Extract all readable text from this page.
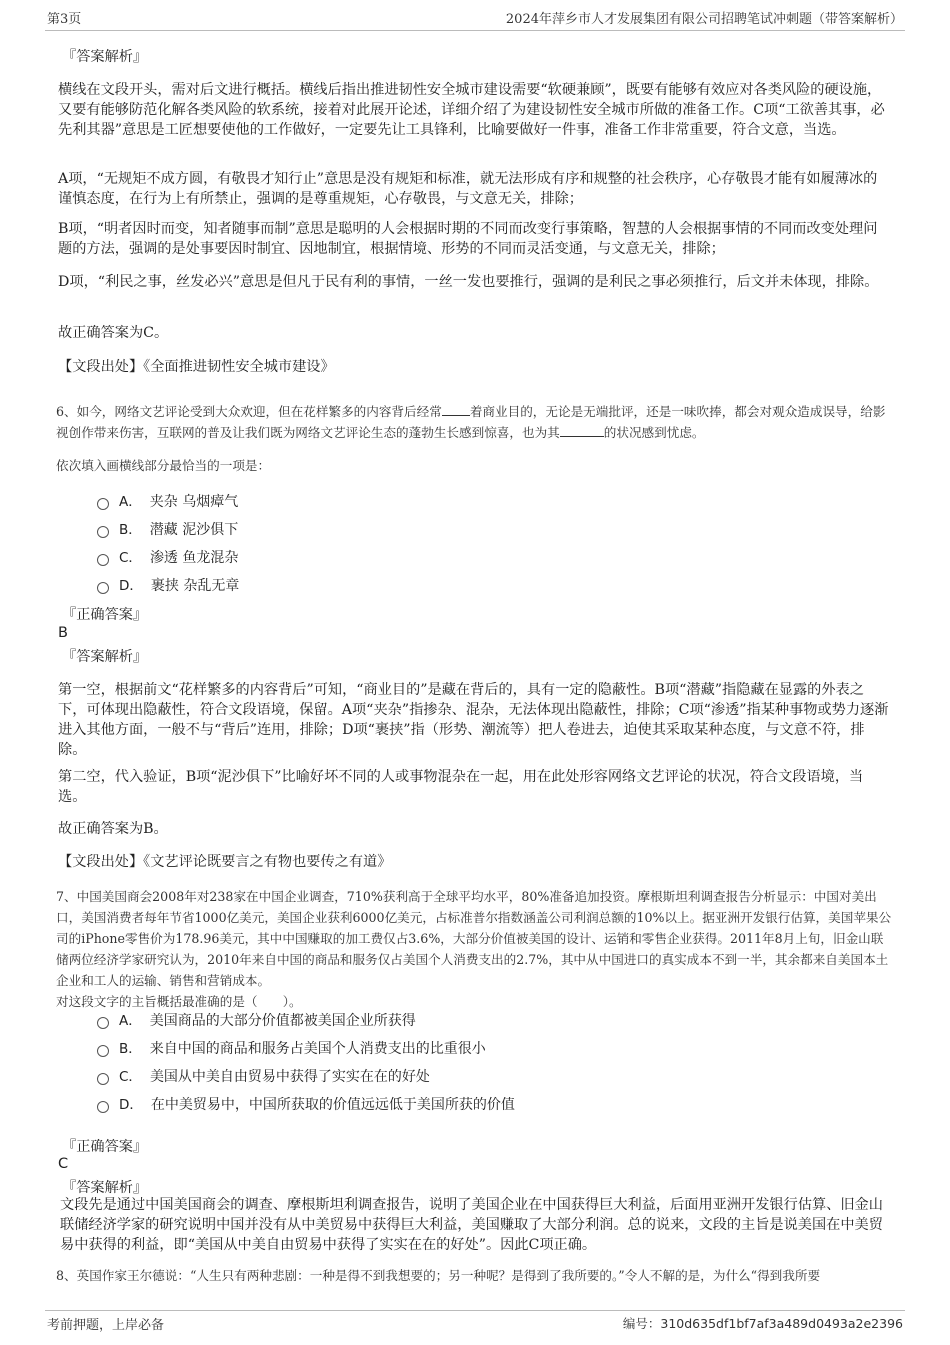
第3页	2024年萍乡市人才发展集团有限公司招聘笔试冲刺题（带答案解析）
『答案解析』
横线在文段开头，需对后文进行概括。横线后指出推进韧性安全城市建设需要“软硬兼顾”，既要有能够有效应对各类风险的硬设施，又要有能够防范化解各类风险的软系统，接着对此展开论述，详细介绍了为建设韧性安全城市所做的准备工作。C项“工欲善其事，必先利其器”意思是工匠想要使他的工作做好，一定要先让工具锋利，比喻要做好一件事，准备工作非常重要，符合文意，当选。
A项，“无规矩不成方圆，有敬畏才知行止”意思是没有规矩和标准，就无法形成有序和规整的社会秩序，心存敬畏才能有如履薄冰的谨慎态度，在行为上有所禁止，强调的是尊重规矩，心存敬畏，与文意无关，排除；
B项，“明者因时而变，知者随事而制”意思是聪明的人会根据时期的不同而改变行事策略，智慧的人会根据事情的不同而改变处理问题的方法，强调的是处事要因时制宜、因地制宜，根据情境、形势的不同而灵活变通，与文意无关，排除；
D项，“利民之事，丝发必兴”意思是但凡于民有利的事情，一丝一发也要推行，强调的是利民之事必须推行，后文并未体现，排除。
故正确答案为C。
【文段出处】《全面推进韧性安全城市建设》
6、如今，网络文艺评论受到大众欢迎，但在花样繁多的内容背后经常 着商业目的，无论是无端批评，还是一味吹捧，都会对观众造成误导，给影视创作带来伤害，互联网的普及让我们既为网络文艺评论生态的蓬勃生长感到惊喜，也为其	的状况感到忧虑。
依次填入画横线部分最恰当的一项是：
A． 夹杂 乌烟瘴气
B． 潜藏 泥沙俱下
C． 渗透 鱼龙混杂
D． 裹挟 杂乱无章
『正确答案』
B
『答案解析』
第一空，根据前文“花样繁多的内容背后”可知，“商业目的”是藏在背后的，具有一定的隐蔽性。B项“潜藏”指隐藏在显露的外表之下，可体现出隐蔽性，符合文段语境，保留。A项“夹杂”指掺杂、混杂，无法体现出隐蔽性，排除；C项“渗透”指某种事物或势力逐渐进入其他方面，一般不与“背后”连用，排除；D项“裹挟”指（形势、潮流等）把人卷进去，迫使其采取某种态度，与文意不符，排除。
第二空，代入验证，B项“泥沙俱下”比喻好坏不同的人或事物混杂在一起，用在此处形容网络文艺评论的状况，符合文段语境，当选。
故正确答案为B。
【文段出处】《文艺评论既要言之有物也要传之有道》
7、中国美国商会2008年对238家在中国企业调查，710%获利高于全球平均水平，80%准备追加投资。摩根斯坦利调查报告分析显示：中国对美出口，美国消费者每年节省1000亿美元，美国企业获利6000亿美元，占标准普尔指数涵盖公司利润总额的10%以上。据亚洲开发银行估算，美国苹果公司的iPhone零售价为178.96美元，其中中国赚取的加工费仅占3.6%，大部分价值被美国的设计、运销和零售企业获得。2011年8月上旬，旧金山联储两位经济学家研究认为，2010年来自中国的商品和服务仅占美国个人消费支出的2.7%，其中从中国进口的真实成本不到一半，其余都来自美国本土企业和工人的运输、销售和营销成本。
对这段文字的主旨概括最准确的是（　　）。
A． 美国商品的大部分价值都被美国企业所获得
B． 来自中国的商品和服务占美国个人消费支出的比重很小
C． 美国从中美自由贸易中获得了实实在在的好处
D． 在中美贸易中，中国所获取的价值远远低于美国所获的价值
『正确答案』
C
『答案解析』
文段先是通过中国美国商会的调查、摩根斯坦利调查报告，说明了美国企业在中国获得巨大利益，后面用亚洲开发银行估算、旧金山联储经济学家的研究说明中国并没有从中美贸易中获得巨大利益，美国赚取了大部分利润。总的说来，文段的主旨是说美国在中美贸易中获得的利益，即“美国从中美自由贸易中获得了实实在在的好处”。因此C项正确。
8、英国作家王尔德说：“人生只有两种悲剧：一种是得不到我想要的；另一种呢？是得到了我所要的。”令人不解的是，为什么“得到我所要
考前押题，上岸必备	编号：310d635df1bf7af3a489d0493a2e2396
